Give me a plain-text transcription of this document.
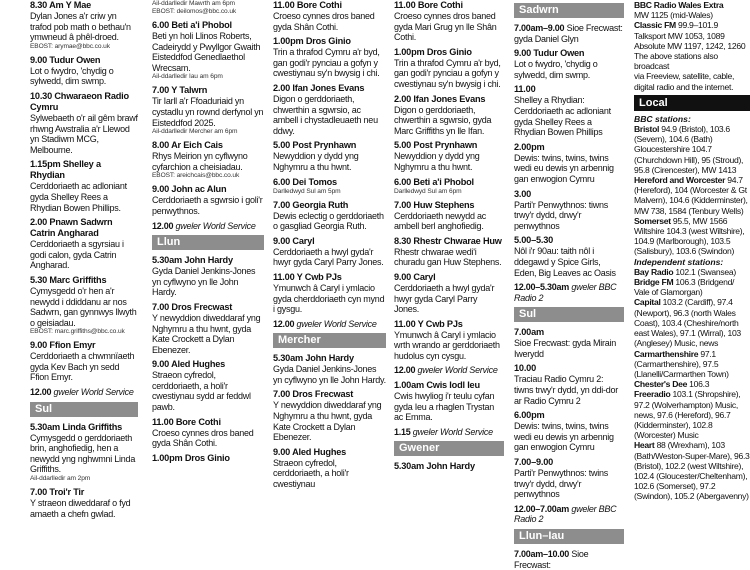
8.30 Am Y Mae
Dylan Jones a'r criw yn trafod pob math o bethau'n ymwneud â phêl-droed.
EBOST: arymae@bbc.co.uk
9.00 Tudur Owen
Lot o fwydro, 'chydig o sylwedd, dim swmp.
10.30 Chwaraeon Radio Cymru
Sylwebaeth o'r ail gêm brawf rhwng Awstralia a'r Llewod yn Stadiwm MCG, Melbourne.
1.15pm Shelley a Rhydian
Cerddoriaeth ac adloniant gyda Shelley Rees a Rhydian Bowen Phillips.
2.00 Pnawn Sadwrn Catrin Angharad
Cerddoriaeth a sgyrsiau i godi calon, gyda Catrin Angharad.
5.30 Marc Griffiths
Cymysgedd o'r hen a'r newydd i ddiddanu ar nos Sadwrn, gan gynnwys llwyth o geisiadau.
EBOST: marc.griffiths@bbc.co.uk
9.00 Ffion Emyr
Cerddoriaeth a chwmnïaeth gyda Kev Bach yn sedd Ffion Emyr.
12.00 gweler World Service
Sul
5.30am Linda Griffiths
Cymysgedd o gerddoriaeth brin, anghofiedig, hen a newydd yng nghwmni Linda Griffiths.
Ail-ddarlledir am 2pm
7.00 Troi'r Tir
Y straeon diweddaraf o fyd amaeth a chefn gwlad.
Ail-ddarlledir Mawrth am 6pm
EBOST: deilomos@bbc.co.uk
6.00 Beti a'i Phobol
Beti yn holi Llinos Roberts, Cadeirydd y Pwyllgor Gwaith Eisteddfod Genedlaethol Wrecsam.
Ail-ddarlledir Iau am 6pm
7.00 Y Talwrn
Tir Iarll a'r Ffoaduriaid yn cystadlu yn rownd derfynol yn Eisteddfod 2025.
Ail-ddarlledir Mercher am 6pm
8.00 Ar Eich Cais
Rhys Meirion yn cyflwyno cyfarchion a cheisiadau.
EBOST: areichcais@bbc.co.uk
9.00 John ac Alun
Cerddoriaeth a sgwrsio i goli'r penwythnos.
12.00 gweler World Service
Llun
5.30am John Hardy
Gyda Daniel Jenkins-Jones yn cyflwyno yn lle John Hardy.
7.00 Dros Frecwast
Y newyddion diweddaraf yng Nghymru a thu hwnt, gyda Kate Crockett a Dylan Ebenezer.
9.00 Aled Hughes
Straeon cyfredol, cerddoriaeth, a holi'r cwestiynau sydd ar feddwl pawb.
11.00 Bore Cothi
Croeso cynnes dros baned gyda Shân Cothi.
1.00pm Dros Ginio
11.00 Bore Cothi
Croeso cynnes dros baned gyda Shân Cothi.
1.00pm Dros Ginio
Trin a thrafod Cymru a'r byd, gan godi'r pynciau a gofyn y cwestiynau sy'n bwysig i chi.
2.00 Ifan Jones Evans
Digon o gerddoriaeth, chwerthin a sgwrsio, ac ambell i chystadleuaeth neu ddwy.
5.00 Post Prynhawn
Newyddion y dydd yng Nghymru a thu hwnt.
6.00 Dei Tomos
Darlledwyd Sul am 5pm
7.00 Georgia Ruth
Dewis eclectig o gerddoriaeth o gasgliad Georgia Ruth.
9.00 Caryl
Cerddoriaeth a hwyl gyda'r hwyr gyda Caryl Parry Jones.
11.00 Y Cwb PJs
Ymunwch â Caryl i ymlacio gyda cherddoriaeth cyn mynd i gysgu.
12.00 gweler World Service
Mercher
5.30am John Hardy
Gyda Daniel Jenkins-Jones yn cyflwyno yn lle John Hardy.
7.00 Dros Frecwast
Y newyddion diweddaraf yng Nghymru a thu hwnt, gyda Kate Crockett a Dylan Ebenezer.
9.00 Aled Hughes
Straeon cyfredol, cerddoriaeth, a holi'r cwestiynau
11.00 Bore Cothi
Croeso cynnes dros baned gyda Mari Grug yn lle Shân Cothi.
1.00pm Dros Ginio
Trin a thrafod Cymru a'r byd, gan godi'r pynciau a gofyn y cwestiynau sy'n bwysig i chi.
2.00 Ifan Jones Evans
Digon o gerddoriaeth, chwerthin a sgwrsio, gyda Marc Griffiths yn lle Ifan.
5.00 Post Prynhawn
Newyddion y dydd yng Nghymru a thu hwnt.
6.00 Beti a'i Phobol
Darlledwyd Sul am 6pm
7.00 Huw Stephens
Cerddoriaeth newydd ac ambell berl anghofiedig.
8.30 Rhestr Chwarae Huw
Rhestr chwarae wedi'i churadu gan Huw Stephens.
9.00 Caryl
Cerddoriaeth a hwyl gyda'r hwyr gyda Caryl Parry Jones.
11.00 Y Cwb PJs
Ymunwch â Caryl i ymlacio wrth wrando ar gerddoriaeth hudolus cyn cysgu.
12.00 gweler World Service
1.00am Cwis Iodl Ieu
Cwis hwyliog i'r teulu cyfan gyda Ieu a rhaglen Trystan ac Emma.
1.15 gweler World Service
Gwener
5.30am John Hardy
Sadwrn
7.00am–9.00 Sioe Frecwast: gyda Daniel Glyn
9.00 Tudur Owen
Lot o fwydro, 'chydig o sylwedd, dim swmp.
11.00
Shelley a Rhydian: Cerddoriaeth ac adloniant gyda Shelley Rees a Rhydian Bowen Phillips
2.00pm
Dewis: twins, twins, twins wedi eu dewis yn arbennig gan enwogion Cymru
3.00
Parti'r Penwythnos: tiwns trwy'r dydd, drwy'r penwythnos
5.00–5.30
Nôl i'r 90au: taith nôl i ddegawd y Spice Girls, Eden, Big Leaves ac Oasis
12.00–5.30am gweler BBC Radio 2
Sul
7.00am
Sioe Frecwast: gyda Mirain Iwerydd
10.00
Traciau Radio Cymru 2: tiwns trwy'r dydd, yn ddi-dor ar Radio Cymru 2
6.00pm
Dewis: twins, twins, twins wedi eu dewis yn arbennig gan enwogion Cymru
7.00–9.00
Parti'r Penwythnos: twins trwy'r dydd, drwy'r penwythnos
12.00–7.00am gweler BBC Radio 2
Llun–Iau
7.00am–10.00 Sioe Frecwast:
BBC Radio Wales Extra
MW 1125 (mid-Wales)
Classic FM 99.9–101.9
Talksport MW 1053, 1089
Absolute MW 1197, 1242, 1260
The above stations also broadcast
via Freeview, satellite, cable,
digital radio and the internet.
Local
BBC stations:
Bristol 94.9 (Bristol), 103.6 (Severn), 104.6 (Bath)
Gloucestershire 104.7 (Churchdown Hill), 95 (Stroud), 95.8 (Cirencester), MW 1413
Hereford and Worcester 94.7 (Hereford), 104 (Worcester & Gt Malvern), 104.6 (Kidderminster), MW 738, 1584 (Tenbury Wells)
Somerset 95.5, MW 1566
Wiltshire 104.3 (west Wiltshire), 104.9 (Marlborough), 103.5 (Salisbury), 103.6 (Swindon)
Independent stations:
Bay Radio 102.1 (Swansea)
Bridge FM 106.3 (Bridgend/ Vale of Glamorgan)
Capital 103.2 (Cardiff), 97.4 (Newport), 96.3 (north Wales Coast), 103.4 (Cheshire/north east Wales), 97.1 (Wirral), 103 (Anglesey) Music, news
Carmarthenshire 97.1 (Carmarthenshire), 97.5 (Llanelli/Carmarthen Town)
Chester's Dee 106.3
Freeradio 103.1 (Shropshire), 97.2 (Wolverhampton) Music, news, 97.6 (Hereford), 96.7 (Kidderminster), 102.8 (Worcester) Music
Heart 88 (Wrexham), 103 (Bath/Weston-Super-Mare), 96.3 (Bristol), 102.2 (west Wiltshire), 102.4 (Gloucester/Cheltenham), 102.6 (Somerset), 97.2 (Swindon), 105.2 (Abergavenny)
